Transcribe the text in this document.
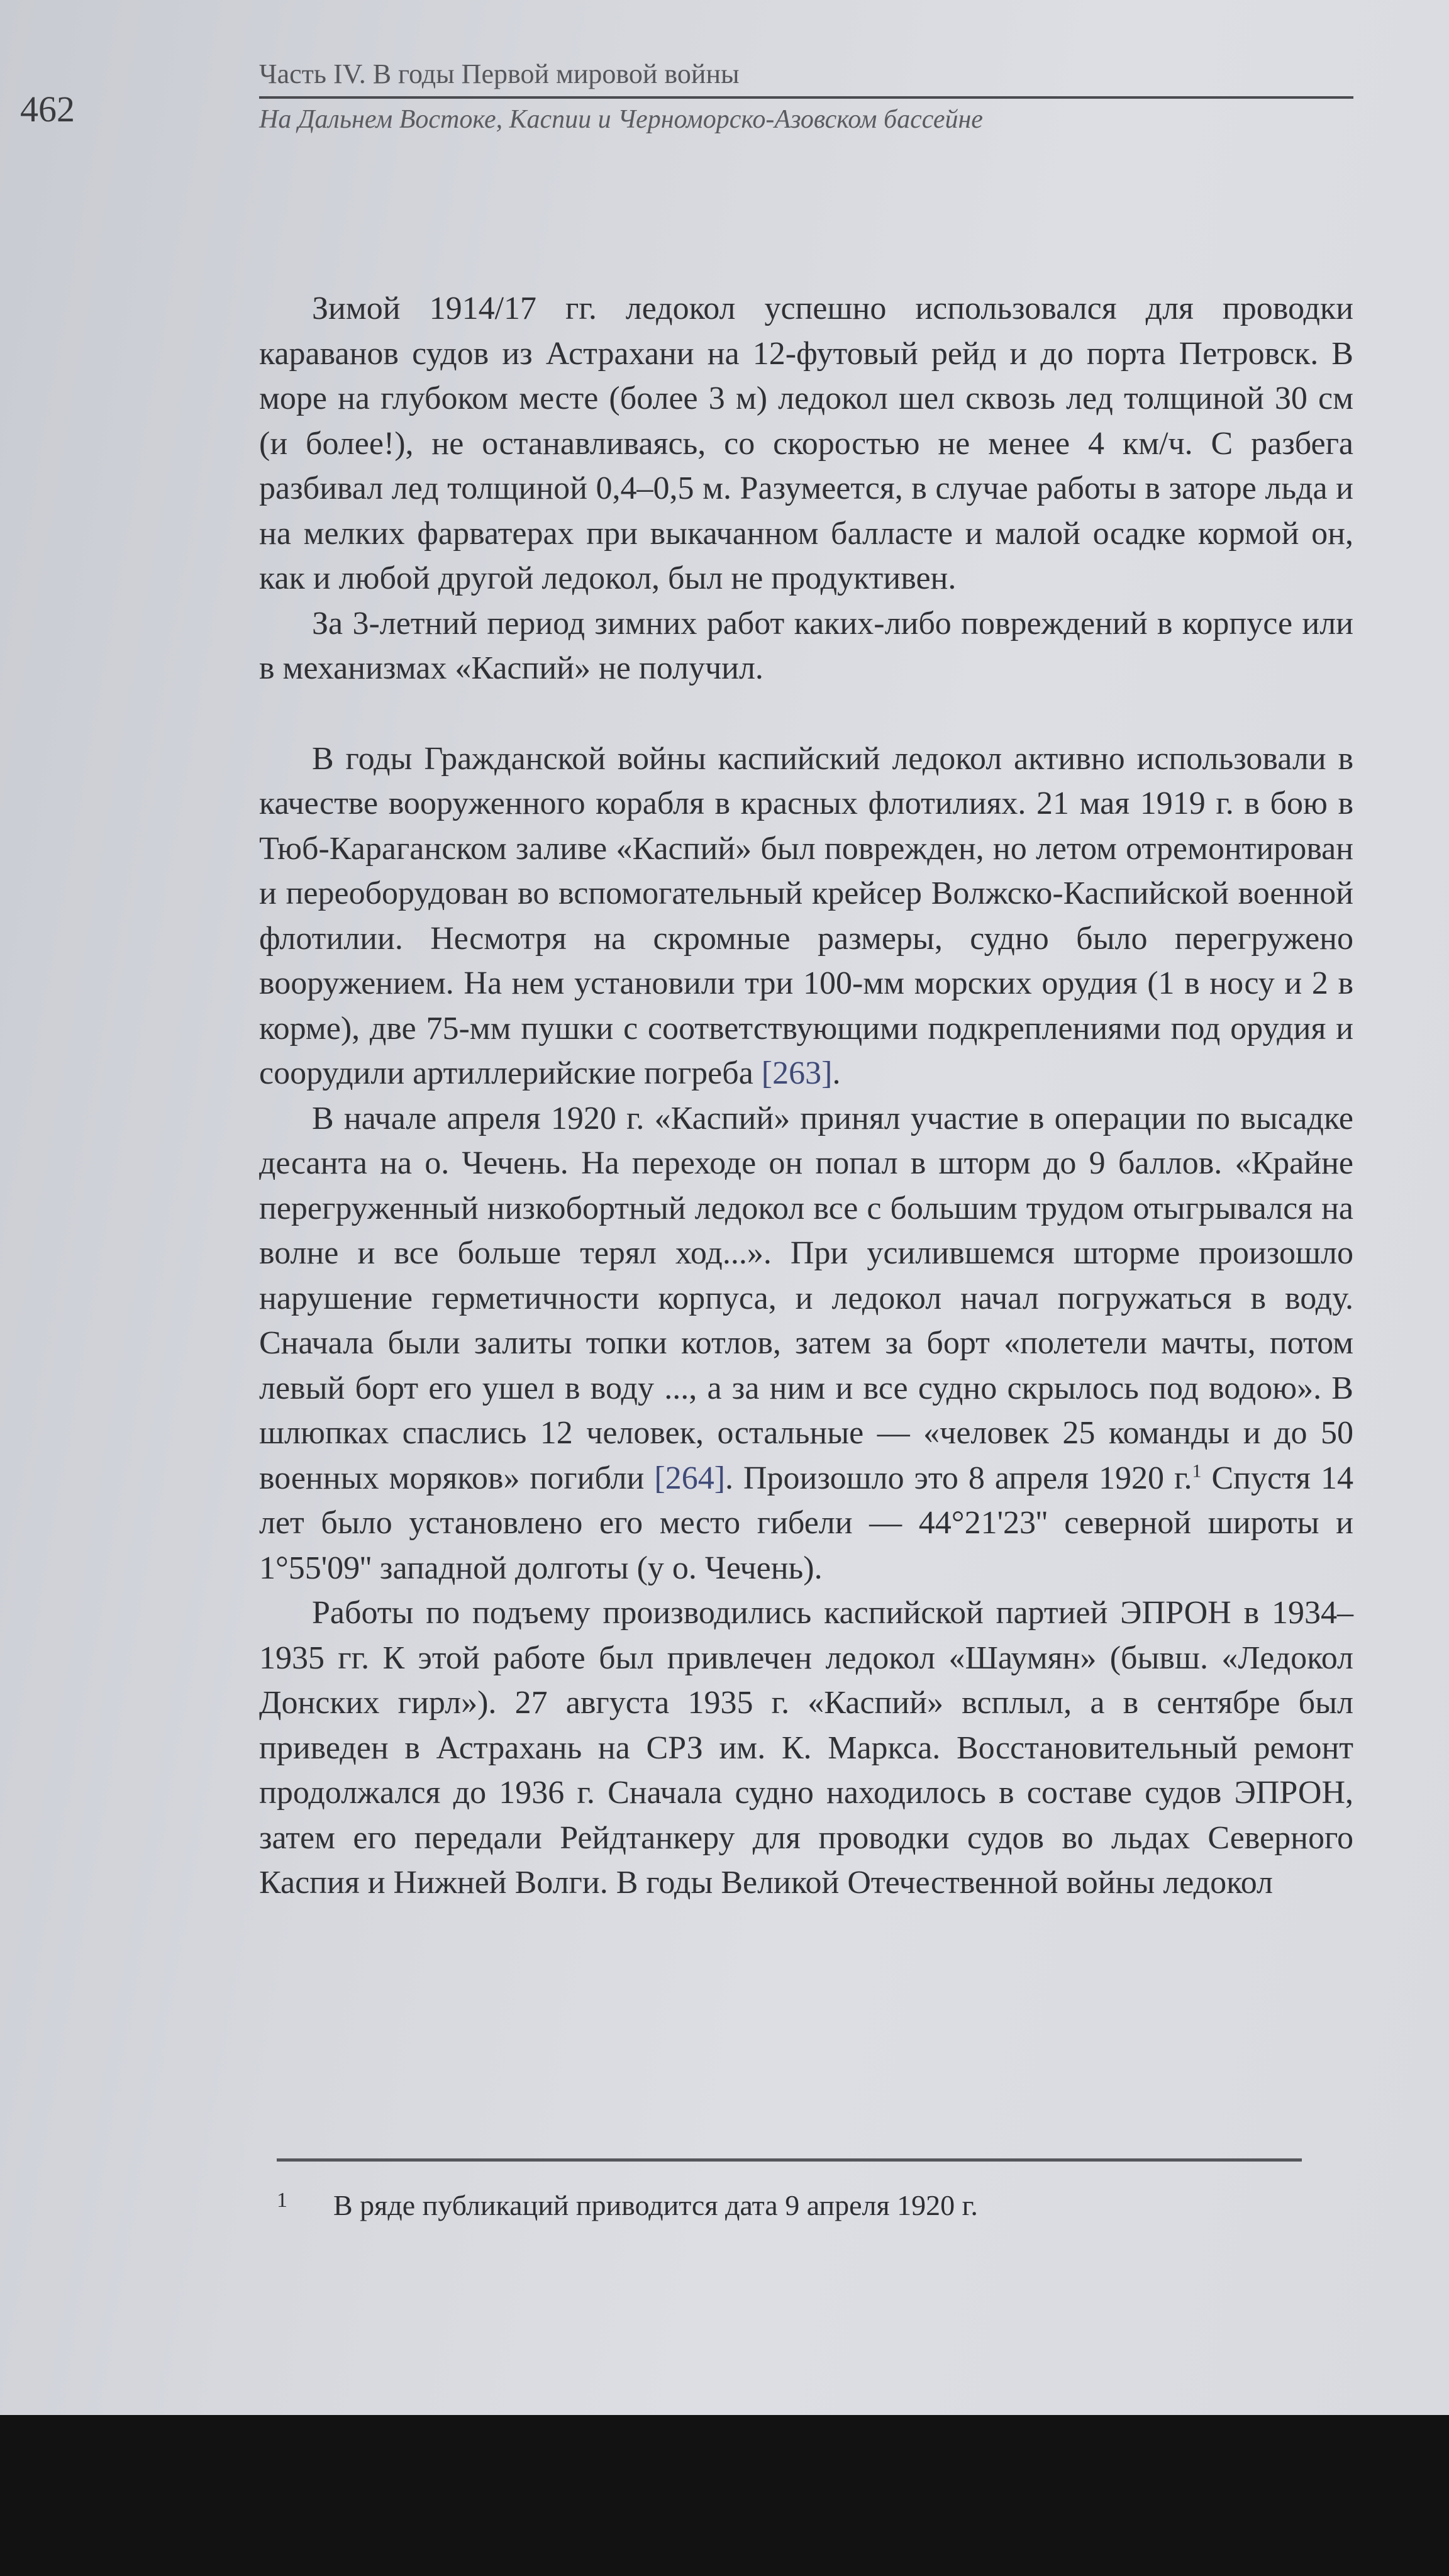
462
Часть IV. В годы Первой мировой войны
На Дальнем Востоке, Каспии и Черноморско-Азовском бассейне

Зимой 1914/17 гг. ледокол успешно использовался для проводки караванов судов из Астрахани на 12-футовый рейд и до порта Петровск. В море на глубоком месте (более 3 м) ледокол шел сквозь лед толщиной 30 см (и более!), не останавливаясь, со скоростью не менее 4 км/ч. С разбега разбивал лед толщиной 0,4–0,5 м. Разумеется, в случае работы в заторе льда и на мелких фарватерах при выкачанном балласте и малой осадке кормой он, как и любой другой ледокол, был не продуктивен.

За 3-летний период зимних работ каких-либо повреждений в корпусе или в механизмах «Каспий» не получил.

В годы Гражданской войны каспийский ледокол активно использовали в качестве вооруженного корабля в красных флотилиях. 21 мая 1919 г. в бою в Тюб-Караганском заливе «Каспий» был поврежден, но летом отремонтирован и переоборудован во вспомогательный крейсер Волжско-Каспийской военной флотилии. Несмотря на скромные размеры, судно было перегружено вооружением. На нем установили три 100-мм морских орудия (1 в носу и 2 в корме), две 75-мм пушки с соответствующими подкреплениями под орудия и соорудили артиллерийские погреба [263].

В начале апреля 1920 г. «Каспий» принял участие в операции по высадке десанта на о. Чечень. На переходе он попал в шторм до 9 баллов. «Крайне перегруженный низкобортный ледокол все с большим трудом отыгрывался на волне и все больше терял ход...». При усилившемся шторме произошло нарушение герметичности корпуса, и ледокол начал погружаться в воду. Сначала были залиты топки котлов, затем за борт «полетели мачты, потом левый борт его ушел в воду ..., а за ним и все судно скрылось под водою». В шлюпках спаслись 12 человек, остальные — «человек 25 команды и до 50 военных моряков» погибли [264]. Произошло это 8 апреля 1920 г.$^1$ Спустя 14 лет было установлено его место гибели — 44°21'23'' северной широты и 1°55'09'' западной долготы (у о. Чечень).

Работы по подъему производились каспийской партией ЭПРОН в 1934–1935 гг. К этой работе был привлечен ледокол «Шаумян» (бывш. «Ледокол Донских гирл»). 27 августа 1935 г. «Каспий» всплыл, а в сентябре был приведен в Астрахань на СРЗ им. К. Маркса. Восстановительный ремонт продолжался до 1936 г. Сначала судно находилось в составе судов ЭПРОН, затем его передали Рейдтанкеру для проводки судов во льдах Северного Каспия и Нижней Волги. В годы Великой Отечественной войны ледокол

1 В ряде публикаций приводится дата 9 апреля 1920 г.
